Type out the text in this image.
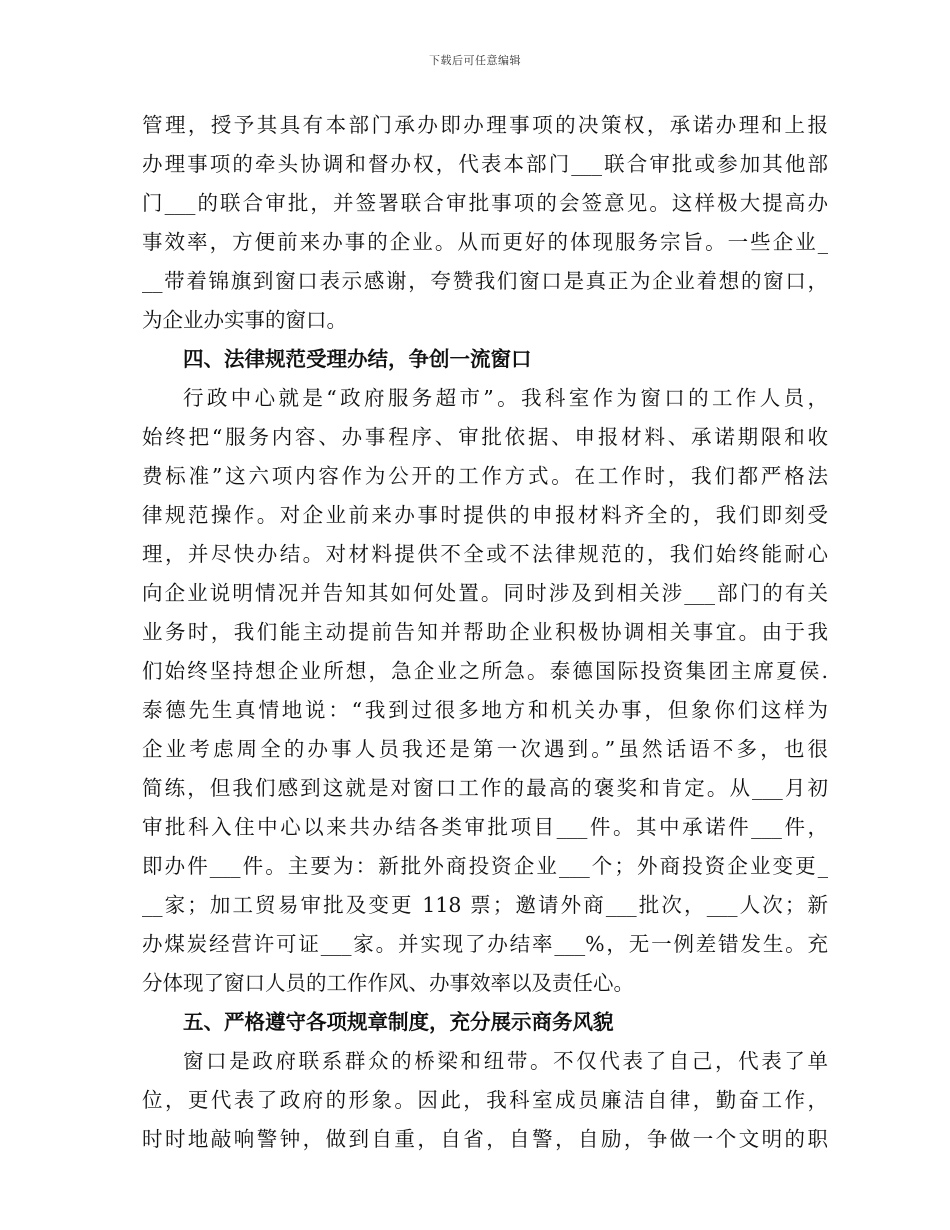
下载后可任意编辑
管理，授予其具有本部门承办即办理事项的决策权，承诺办理和上报
办理事项的牵头协调和督办权，代表本部门___联合审批或参加其他部
门___的联合审批，并签署联合审批事项的会签意见。这样极大提高办
事效率，方便前来办事的企业。从而更好的体现服务宗旨。一些企业_
__带着锦旗到窗口表示感谢，夸赞我们窗口是真正为企业着想的窗口，
为企业办实事的窗口。
四、法律规范受理办结，争创一流窗口
行政中心就是“政府服务超市”。我科室作为窗口的工作人员，
始终把“服务内容、办事程序、审批依据、申报材料、承诺期限和收
费标准”这六项内容作为公开的工作方式。在工作时，我们都严格法
律规范操作。对企业前来办事时提供的申报材料齐全的，我们即刻受
理，并尽快办结。对材料提供不全或不法律规范的，我们始终能耐心
向企业说明情况并告知其如何处置。同时涉及到相关涉___部门的有关
业务时，我们能主动提前告知并帮助企业积极协调相关事宜。由于我
们始终坚持想企业所想，急企业之所急。泰德国际投资集团主席夏侯.
泰德先生真情地说：“我到过很多地方和机关办事，但象你们这样为
企业考虑周全的办事人员我还是第一次遇到。”虽然话语不多，也很
简练，但我们感到这就是对窗口工作的最高的褒奖和肯定。从___月初
审批科入住中心以来共办结各类审批项目___件。其中承诺件___件，
即办件___件。主要为：新批外商投资企业___个；外商投资企业变更_
__家；加工贸易审批及变更 118 票；邀请外商___批次，___人次；新
办煤炭经营许可证___家。并实现了办结率___%，无一例差错发生。充
分体现了窗口人员的工作作风、办事效率以及责任心。
五、严格遵守各项规章制度，充分展示商务风貌
窗口是政府联系群众的桥梁和纽带。不仅代表了自己，代表了单
位，更代表了政府的形象。因此，我科室成员廉洁自律，勤奋工作，
时时地敲响警钟，做到自重，自省，自警，自励，争做一个文明的职
